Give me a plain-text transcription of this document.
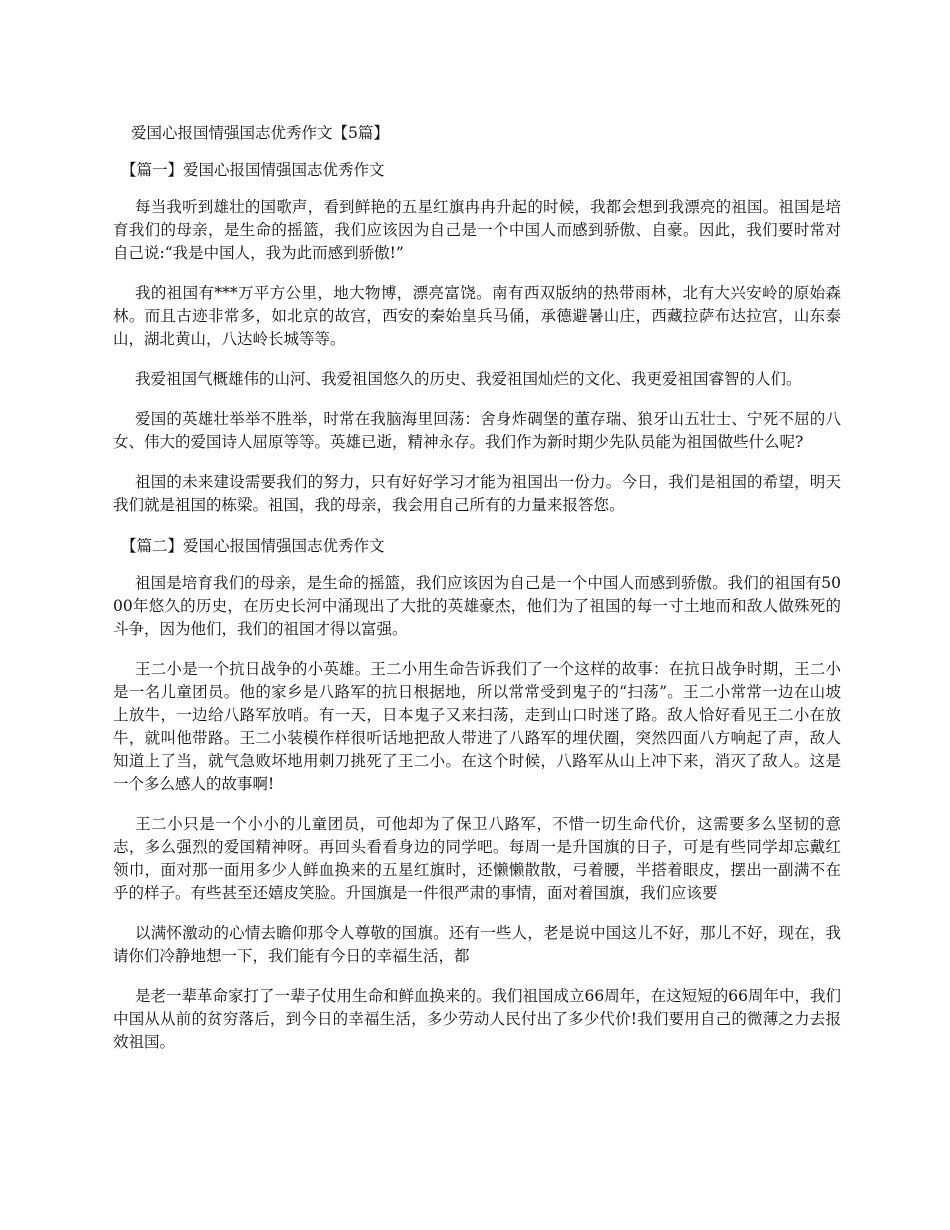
爱国心报国情强国志优秀作文【5篇】

【篇一】爱国心报国情强国志优秀作文

每当我听到雄壮的国歌声，看到鲜艳的五星红旗冉冉升起的时候，我都会想到我漂亮的祖国。祖国是培育我们的母亲，是生命的摇篮，我们应该因为自己是一个中国人而感到骄傲、自豪。因此，我们要时常对自己说:“我是中国人，我为此而感到骄傲!”

我的祖国有***万平方公里，地大物博，漂亮富饶。南有西双版纳的热带雨林，北有大兴安岭的原始森林。而且古迹非常多，如北京的故宫，西安的秦始皇兵马俑，承德避暑山庄，西藏拉萨布达拉宫，山东泰山，湖北黄山，八达岭长城等等。

我爱祖国气概雄伟的山河、我爱祖国悠久的历史、我爱祖国灿烂的文化、我更爱祖国睿智的人们。

爱国的英雄壮举举不胜举，时常在我脑海里回荡：舍身炸碉堡的董存瑞、狼牙山五壮士、宁死不屈的八女、伟大的爱国诗人屈原等等。英雄已逝，精神永存。我们作为新时期少先队员能为祖国做些什么呢?

祖国的未来建设需要我们的努力，只有好好学习才能为祖国出一份力。今日，我们是祖国的希望，明天我们就是祖国的栋梁。祖国，我的母亲，我会用自己所有的力量来报答您。

【篇二】爱国心报国情强国志优秀作文

祖国是培育我们的母亲，是生命的摇篮，我们应该因为自己是一个中国人而感到骄傲。我们的祖国有5000年悠久的历史，在历史长河中涌现出了大批的英雄豪杰，他们为了祖国的每一寸土地而和敌人做殊死的斗争，因为他们，我们的祖国才得以富强。

王二小是一个抗日战争的小英雄。王二小用生命告诉我们了一个这样的故事：在抗日战争时期，王二小是一名儿童团员。他的家乡是八路军的抗日根据地，所以常常受到鬼子的“扫荡”。王二小常常一边在山坡上放牛，一边给八路军放哨。有一天，日本鬼子又来扫荡，走到山口时迷了路。敌人恰好看见王二小在放牛，就叫他带路。王二小装模作样很听话地把敌人带进了八路军的埋伏圈，突然四面八方响起了声，敌人知道上了当，就气急败坏地用刺刀挑死了王二小。在这个时候，八路军从山上冲下来，消灭了敌人。这是一个多么感人的故事啊!

王二小只是一个小小的儿童团员，可他却为了保卫八路军，不惜一切生命代价，这需要多么坚韧的意志，多么强烈的爱国精神呀。再回头看看身边的同学吧。每周一是升国旗的日子，可是有些同学却忘戴红领巾，面对那一面用多少人鲜血换来的五星红旗时，还懒懒散散，弓着腰，半搭着眼皮，摆出一副满不在乎的样子。有些甚至还嬉皮笑脸。升国旗是一件很严肃的事情，面对着国旗，我们应该要

以满怀激动的心情去瞻仰那令人尊敬的国旗。还有一些人，老是说中国这儿不好，那儿不好，现在，我请你们冷静地想一下，我们能有今日的幸福生活，都

是老一辈革命家打了一辈子仗用生命和鲜血换来的。我们祖国成立66周年，在这短短的66周年中，我们中国从从前的贫穷落后，到今日的幸福生活，多少劳动人民付出了多少代价!我们要用自己的微薄之力去报效祖国。
